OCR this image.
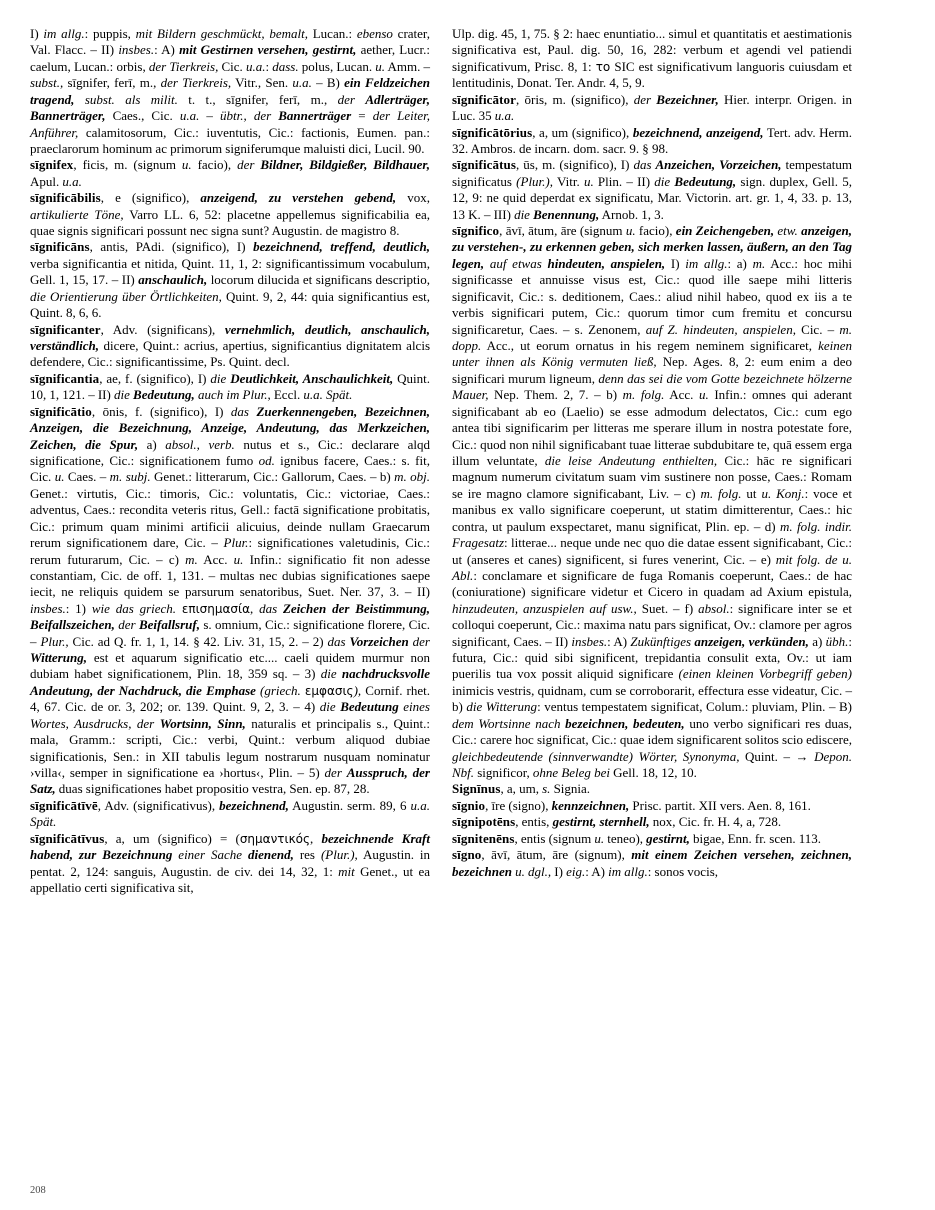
I) im allg.: puppis, mit Bildern geschmückt, bemalt, Lucan.: ebenso crater, Val. Flacc. – II) insbes.: A) mit Gestirnen versehen, gestirnt, aether, Lucr.: caelum, Lucan.: orbis, der Tierkreis, Cic. u.a.: dass. polus, Lucan. u. Amm. – subst., sīgnifer, ferī, m., der Tierkreis, Vitr., Sen. u.a. – B) ein Feldzeichen tragend, subst. als milit. t. t., sīgnifer, ferī, m., der Adlerträger, Bannerträger, Caes., Cic. u.a. – übtr., der Bannerträger = der Leiter, Anführer, calamitosorum, Cic.: iuventutis, Cic.: factionis, Eumen. pan.: praeclarorum hominum ac primorum signiferumque maluisti dici, Lucil. 90.

sīgnifex, ficis, m. (signum u. facio), der Bildner, Bildgießer, Bildhauer, Apul. u.a.

sīgnificābilis, e (significo), anzeigend, zu verstehen gebend, vox, artikulierte Töne, Varro LL. 6, 52: placetne appellemus significabilia ea, quae signis significari possunt nec signa sunt? Augustin. de magistro 8.

sīgnificāns, antis, PAdi. (significo), I) bezeichnend, treffend, deutlich, verba significantia et nitida, Quint. 11, 1, 2: significantissimum vocabulum, Gell. 1, 15, 17. – II) anschaulich, locorum dilucida et significans descriptio, die Orientierung über Örtlichkeiten, Quint. 9, 2, 44: quia significantius est, Quint. 8, 6, 6.

sīgnificanter, Adv. (significans), vernehmlich, deutlich, anschaulich, verständlich, dicere, Quint.: acrius, apertius, significantius dignitatem alcis defendere, Cic.: significantissime, Ps. Quint. decl.

sīgnificantia, ae, f. (significo), I) die Deutlichkeit, Anschaulichkeit, Quint. 10, 1, 121. – II) die Bedeutung, auch im Plur., Eccl. u.a. Spät.

sīgnificātio, ōnis, f. (significo), I) das Zuerkennengeben, Bezeichnen, Anzeigen, die Bezeichnung, Anzeige, Andeutung, das Merkzeichen, Zeichen, die Spur, a) absol., verb. nutus et s., Cic.: declarare alqd significatione, Cic.: significationem fumo od. ignibus facere, Caes.: s. fit, Cic. u. Caes. – m. subj. Genet.: litterarum, Cic.: Gallorum, Caes. – b) m. obj. Genet.: virtutis, Cic.: timoris, Cic.: voluntatis, Cic.: victoriae, Caes.: adventus, Caes.: recondita veteris ritus, Gell.: factā significatione probitatis, Cic.: primum quam minimi artificii alicuius, deinde nullam Graecarum rerum significationem dare, Cic. – Plur.: significationes valetudinis, Cic.: rerum futurarum, Cic. – c) m. Acc. u. Infin.: significatio fit non adesse constantiam, Cic. de off. 1, 131. – multas nec dubias significationes saepe iecit, ne reliquis quidem se parsurum senatoribus, Suet. Ner. 37, 3. – II) insbes.: 1) wie das griech. επισημασία, das Zeichen der Beistimmung, Beifallszeichen, der Beifallsruf, s. omnium, Cic.: significatione florere, Cic. – Plur., Cic. ad Q. fr. 1, 1, 14. § 42. Liv. 31, 15, 2. – 2) das Vorzeichen der Witterung, est et aquarum significatio etc.... caeli quidem murmur non dubiam habet significationem, Plin. 18, 359 sq. – 3) die nachdrucksvolle Andeutung, der Nachdruck, die Emphase (griech. εμφασις), Cornif. rhet. 4, 67. Cic. de or. 3, 202; or. 139. Quint. 9, 2, 3. – 4) die Bedeutung eines Wortes, Ausdrucks, der Wortsinn, Sinn, naturalis et principalis s., Quint.: mala, Gramm.: scripti, Cic.: verbi, Quint.: verbum aliquod dubiae significationis, Sen.: in XII tabulis legum nostrarum nusquam nominatur ›villa‹, semper in significatione ea ›hortus‹, Plin. – 5) der Ausspruch, der Satz, duas significationes habet propositio vestra, Sen. ep. 87, 28.

sīgnificātīvē, Adv. (significativus), bezeichnend, Augustin. serm. 89, 6 u.a. Spät.

sīgnificātīvus, a, um (significo) = (σημαντικός, bezeichnende Kraft habend, zur Bezeichnung einer Sache dienend, res (Plur.), Augustin. in pentat. 2, 124: sanguis, Augustin. de civ. dei 14, 32, 1: mit Genet., ut ea appellatio certi significativa sit,

Ulp. dig. 45, 1, 75. § 2: haec enuntiatio... simul et quantitatis et aestimationis significativa est, Paul. dig. 50, 16, 282: verbum et agendi vel patiendi significativum, Prisc. 8, 1: το SIC est significativum languoris cuiusdam et lentitudinis, Donat. Ter. Andr. 4, 5, 9.

sīgnificātor, ōris, m. (significo), der Bezeichner, Hier. interpr. Origen. in Luc. 35 u.a.

sīgnificātōrius, a, um (significo), bezeichnend, anzeigend, Tert. adv. Herm. 32. Ambros. de incarn. dom. sacr. 9. § 98.

sīgnificātus, ūs, m. (significo), I) das Anzeichen, Vorzeichen, tempestatum significatus (Plur.), Vitr. u. Plin. – II) die Bedeutung, sign. duplex, Gell. 5, 12, 9: ne quid deperdat ex significatu, Mar. Victorin. art. gr. 1, 4, 33. p. 13, 13 K. – III) die Benennung, Arnob. 1, 3.

sīgnifico, āvī, ātum, āre (signum u. facio), ein Zeichengeben, etw. anzeigen, zu verstehen-, zu erkennen geben, sich merken lassen, äußern, an den Tag legen, auf etwas hindeuten, anspielen, I) im allg.: a) m. Acc.: hoc mihi significasse et annuisse visus est, Cic.: quod ille saepe mihi litteris significavit, Cic.: s. deditionem, Caes.: aliud nihil habeo, quod ex iis a te verbis significari putem, Cic.: quorum timor cum fremitu et concursu significaretur, Caes. – s. Zenonem, auf Z. hindeuten, anspielen, Cic. – m. dopp. Acc., ut eorum ornatus in his regem neminem significaret, keinen unter ihnen als König vermuten ließ, Nep. Ages. 8, 2: eum enim a deo significari murum ligneum, denn das sei die vom Gotte bezeichnete hölzerne Mauer, Nep. Them. 2, 7. – b) m. folg. Acc. u. Infin.: omnes qui aderant significabant ab eo (Laelio) se esse admodum delectatos, Cic.: cum ego antea tibi significarim per litteras me sperare illum in nostra potestate fore, Cic.: quod non nihil significabant tuae litterae subdubitare te, quā essem erga illum veluntate, die leise Andeutung enthielten, Cic.: hāc re significari magnum numerum civitatum suam vim sustinere non posse, Caes.: Romam se ire magno clamore significabant, Liv. – c) m. folg. ut u. Konj.: voce et manibus ex vallo significare coeperunt, ut statim dimitterentur, Caes.: hic contra, ut paulum exspectaret, manu significat, Plin. ep. – d) m. folg. indir. Fragesatz: litterae... neque unde nec quo die datae essent significabant, Cic.: ut (anseres et canes) significent, si fures venerint, Cic. – e) mit folg. de u. Abl.: conclamare et significare de fuga Romanis coeperunt, Caes.: de hac (coniuratione) significare videtur et Cicero in quadam ad Axium epistula, hinzudeuten, anzuspielen auf usw., Suet. – f) absol.: significare inter se et colloqui coeperunt, Cic.: maxima natu pars significat, Ov.: clamore per agros significant, Caes. – II) insbes.: A) Zukünftiges anzeigen, verkünden, a) übh.: futura, Cic.: quid sibi significent, trepidantia consulit exta, Ov.: ut iam puerilis tua vox possit aliquid significare (einen kleinen Vorbegriff geben) inimicis vestris, quidnam, cum se corroborarit, effectura esse videatur, Cic. – b) die Witterung: ventus tempestatem significat, Colum.: pluviam, Plin. – B) dem Wortsinne nach bezeichnen, bedeuten, uno verbo significari res duas, Cic.: carere hoc significat, Cic.: quae idem significarent solitos scio ediscere, gleichbedeutende (sinnverwandte) Wörter, Synonyma, Quint. – → Depon. Nbf. significor, ohne Beleg bei Gell. 18, 12, 10.

Signīnus, a, um, s. Signia.

sīgnio, īre (signo), kennzeichnen, Prisc. partit. XII vers. Aen. 8, 161.

sīgnipotēns, entis, gestirnt, sternhell, nox, Cic. fr. H. 4, a, 728.

sīgnitenēns, entis (signum u. teneo), gestirnt, bigae, Enn. fr. scen. 113.

sīgno, āvī, ātum, āre (signum), mit einem Zeichen versehen, zeichnen, bezeichnen u. dgl., I) eig.: A) im allg.: sonos vocis,

208
